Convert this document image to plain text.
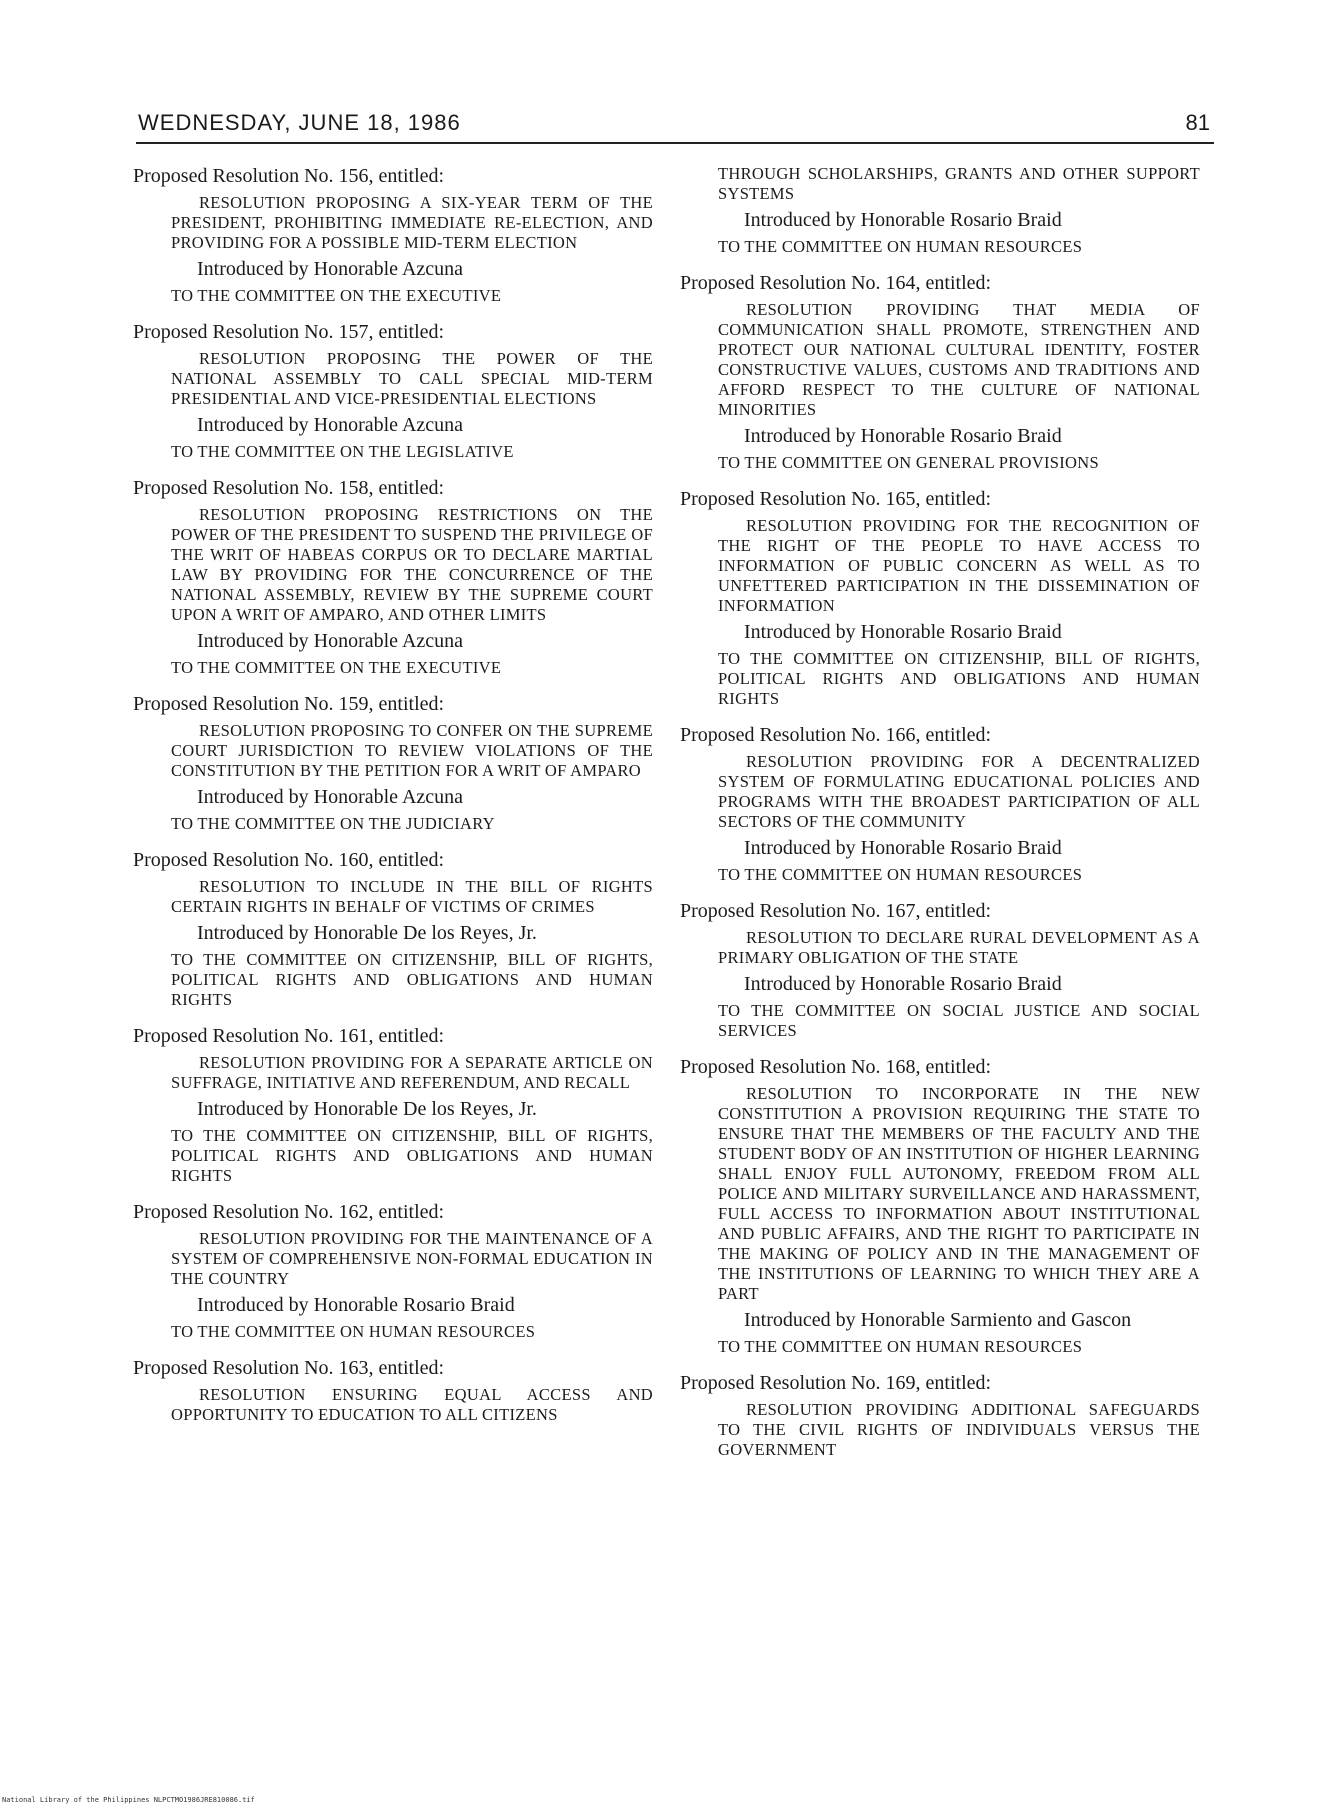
WEDNESDAY, JUNE 18, 1986	81
Proposed Resolution No. 156, entitled:
RESOLUTION PROPOSING A SIX-YEAR TERM OF THE PRESIDENT, PROHIBITING IMMEDIATE RE-ELECTION, AND PROVIDING FOR A POSSIBLE MID-TERM ELECTION
Introduced by Honorable Azcuna
TO THE COMMITTEE ON THE EXECUTIVE
Proposed Resolution No. 157, entitled:
RESOLUTION PROPOSING THE POWER OF THE NATIONAL ASSEMBLY TO CALL SPECIAL MID-TERM PRESIDENTIAL AND VICE-PRESIDENTIAL ELECTIONS
Introduced by Honorable Azcuna
TO THE COMMITTEE ON THE LEGISLATIVE
Proposed Resolution No. 158, entitled:
RESOLUTION PROPOSING RESTRICTIONS ON THE POWER OF THE PRESIDENT TO SUSPEND THE PRIVILEGE OF THE WRIT OF HABEAS CORPUS OR TO DECLARE MARTIAL LAW BY PROVIDING FOR THE CONCURRENCE OF THE NATIONAL ASSEMBLY, REVIEW BY THE SUPREME COURT UPON A WRIT OF AMPARO, AND OTHER LIMITS
Introduced by Honorable Azcuna
TO THE COMMITTEE ON THE EXECUTIVE
Proposed Resolution No. 159, entitled:
RESOLUTION PROPOSING TO CONFER ON THE SUPREME COURT JURISDICTION TO REVIEW VIOLATIONS OF THE CONSTITUTION BY THE PETITION FOR A WRIT OF AMPARO
Introduced by Honorable Azcuna
TO THE COMMITTEE ON THE JUDICIARY
Proposed Resolution No. 160, entitled:
RESOLUTION TO INCLUDE IN THE BILL OF RIGHTS CERTAIN RIGHTS IN BEHALF OF VICTIMS OF CRIMES
Introduced by Honorable De los Reyes, Jr.
TO THE COMMITTEE ON CITIZENSHIP, BILL OF RIGHTS, POLITICAL RIGHTS AND OBLIGATIONS AND HUMAN RIGHTS
Proposed Resolution No. 161, entitled:
RESOLUTION PROVIDING FOR A SEPARATE ARTICLE ON SUFFRAGE, INITIATIVE AND REFERENDUM, AND RECALL
Introduced by Honorable De los Reyes, Jr.
TO THE COMMITTEE ON CITIZENSHIP, BILL OF RIGHTS, POLITICAL RIGHTS AND OBLIGATIONS AND HUMAN RIGHTS
Proposed Resolution No. 162, entitled:
RESOLUTION PROVIDING FOR THE MAINTENANCE OF A SYSTEM OF COMPREHENSIVE NON-FORMAL EDUCATION IN THE COUNTRY
Introduced by Honorable Rosario Braid
TO THE COMMITTEE ON HUMAN RESOURCES
Proposed Resolution No. 163, entitled:
RESOLUTION ENSURING EQUAL ACCESS AND OPPORTUNITY TO EDUCATION TO ALL CITIZENS
THROUGH SCHOLARSHIPS, GRANTS AND OTHER SUPPORT SYSTEMS
Introduced by Honorable Rosario Braid
TO THE COMMITTEE ON HUMAN RESOURCES
Proposed Resolution No. 164, entitled:
RESOLUTION PROVIDING THAT MEDIA OF COMMUNICATION SHALL PROMOTE, STRENGTHEN AND PROTECT OUR NATIONAL CULTURAL IDENTITY, FOSTER CONSTRUCTIVE VALUES, CUSTOMS AND TRADITIONS AND AFFORD RESPECT TO THE CULTURE OF NATIONAL MINORITIES
Introduced by Honorable Rosario Braid
TO THE COMMITTEE ON GENERAL PROVISIONS
Proposed Resolution No. 165, entitled:
RESOLUTION PROVIDING FOR THE RECOGNITION OF THE RIGHT OF THE PEOPLE TO HAVE ACCESS TO INFORMATION OF PUBLIC CONCERN AS WELL AS TO UNFETTERED PARTICIPATION IN THE DISSEMINATION OF INFORMATION
Introduced by Honorable Rosario Braid
TO THE COMMITTEE ON CITIZENSHIP, BILL OF RIGHTS, POLITICAL RIGHTS AND OBLIGATIONS AND HUMAN RIGHTS
Proposed Resolution No. 166, entitled:
RESOLUTION PROVIDING FOR A DECENTRALIZED SYSTEM OF FORMULATING EDUCATIONAL POLICIES AND PROGRAMS WITH THE BROADEST PARTICIPATION OF ALL SECTORS OF THE COMMUNITY
Introduced by Honorable Rosario Braid
TO THE COMMITTEE ON HUMAN RESOURCES
Proposed Resolution No. 167, entitled:
RESOLUTION TO DECLARE RURAL DEVELOPMENT AS A PRIMARY OBLIGATION OF THE STATE
Introduced by Honorable Rosario Braid
TO THE COMMITTEE ON SOCIAL JUSTICE AND SOCIAL SERVICES
Proposed Resolution No. 168, entitled:
RESOLUTION TO INCORPORATE IN THE NEW CONSTITUTION A PROVISION REQUIRING THE STATE TO ENSURE THAT THE MEMBERS OF THE FACULTY AND THE STUDENT BODY OF AN INSTITUTION OF HIGHER LEARNING SHALL ENJOY FULL AUTONOMY, FREEDOM FROM ALL POLICE AND MILITARY SURVEILLANCE AND HARASSMENT, FULL ACCESS TO INFORMATION ABOUT INSTITUTIONAL AND PUBLIC AFFAIRS, AND THE RIGHT TO PARTICIPATE IN THE MAKING OF POLICY AND IN THE MANAGEMENT OF THE INSTITUTIONS OF LEARNING TO WHICH THEY ARE A PART
Introduced by Honorable Sarmiento and Gascon
TO THE COMMITTEE ON HUMAN RESOURCES
Proposed Resolution No. 169, entitled:
RESOLUTION PROVIDING ADDITIONAL SAFEGUARDS TO THE CIVIL RIGHTS OF INDIVIDUALS VERSUS THE GOVERNMENT
National Library of the Philippines NLPCTMO1986JRE810086.tif
